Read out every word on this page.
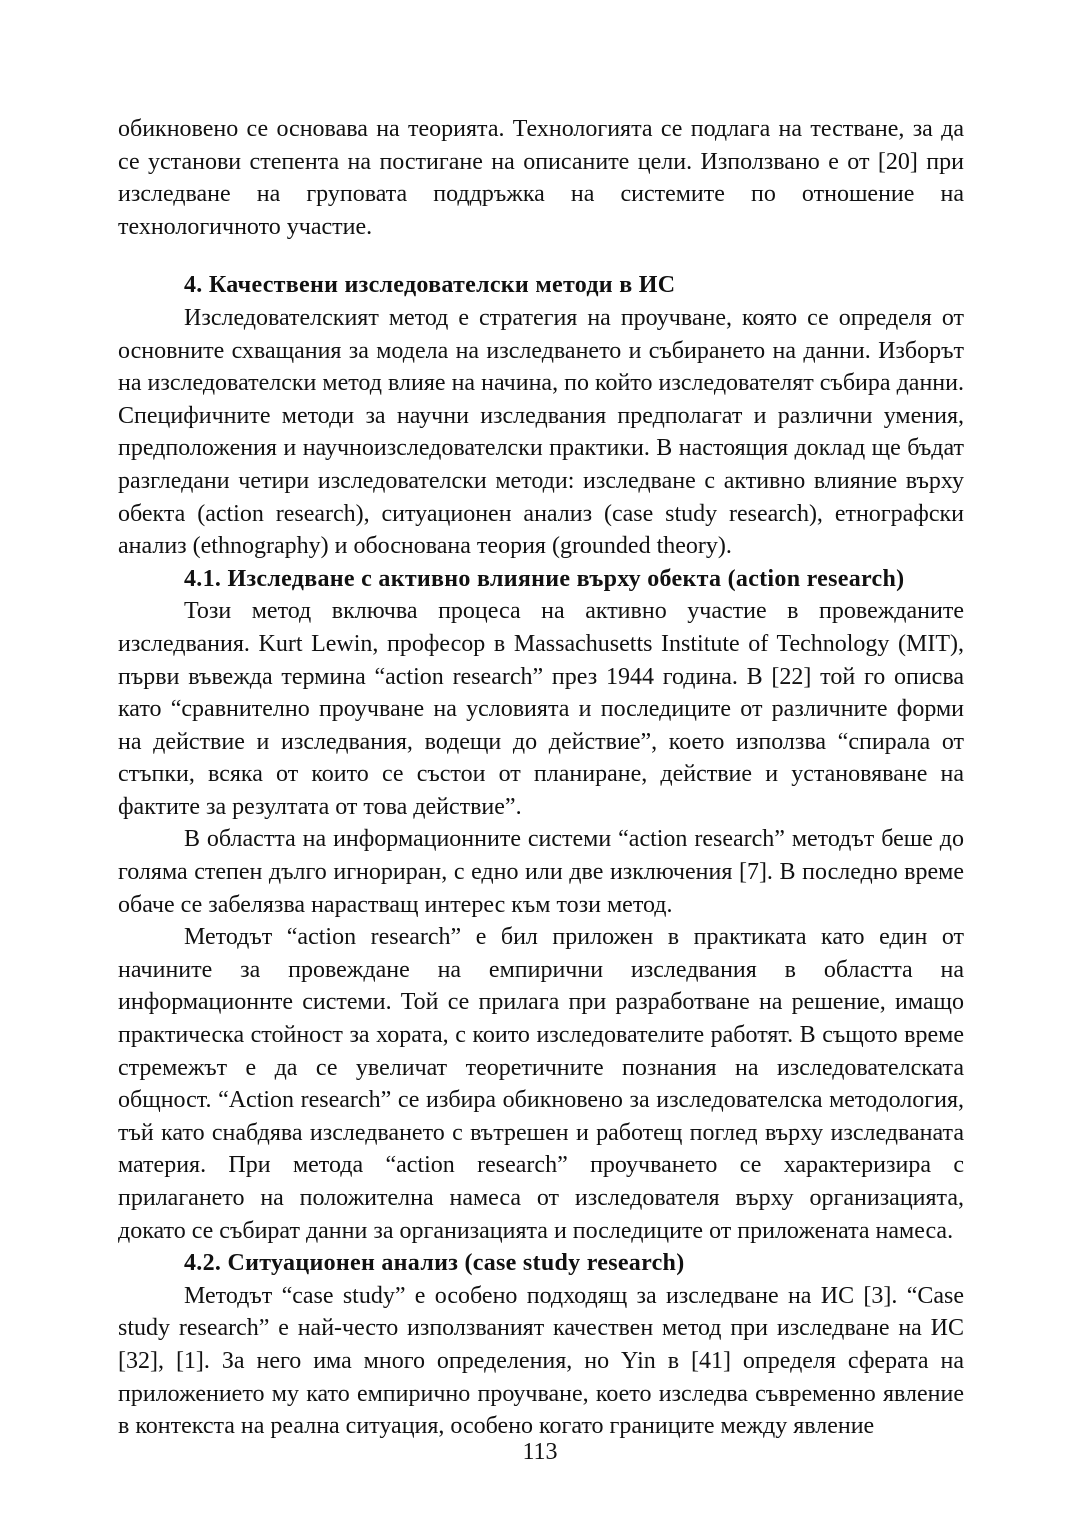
обикновено се основава на теорията. Технологията се подлага на тестване, за да се установи степента на постигане на описаните цели. Използвано е от [20] при изследване на груповата поддръжка на системите по отношение на технологичното участие.

4. Качествени изследователски методи в ИС

Изследователският метод е стратегия на проучване, която се определя от основните схващания за модела на изследването и събирането на данни. Изборът на изследователски метод влияе на начина, по който изследователят събира данни. Специфичните методи за научни изследвания предполагат и различни умения, предположения и научноизследователски практики. В настоящия доклад ще бъдат разгледани четири изследователски методи: изследване с активно влияние върху обекта (action research), ситуационен анализ (case study research), етнографски анализ (ethnography) и обоснована теория (grounded theory).

4.1. Изследване с активно влияние върху обекта (action research)

Този метод включва процеса на активно участие в провежданите изследвания. Kurt Lewin, професор в Massachusetts Institute of Technology (MIT), първи въвежда термина “action research” през 1944 година. В [22] той го описва като “сравнително проучване на условията и последиците от различните форми на действие и изследвания, водещи до действие”, което използва “спирала от стъпки, всяка от които се състои от планиране, действие и установяване на фактите за резултата от това действие”.

В областта на информационните системи “action research” методът беше до голяма степен дълго игнориран, с едно или две изключения [7]. В последно време обаче се забелязва нарастващ интерес към този метод.

Методът “action research” е бил приложен в практиката като един от начините за провеждане на емпирични изследвания в областта на информационнте системи. Той се прилага при разработване на решение, имащо практическа стойност за хората, с които изследователите работят. В същото време стремежът е да се увеличат теоретичните познания на изследователската общност. “Action research” се избира обикновено за изследователска методология, тъй като снабдява изследването с вътрешен и работещ поглед върху изследваната материя. При метода “action research” проучването се характеризира с прилагането на положителна намеса от изследователя върху организацията, докато се събират данни за организацията и последиците от приложената намеса.

4.2. Ситуационен анализ (case study research)

Методът “case study” е особено подходящ за изследване на ИС [3]. “Case study research” е най-често използваният качествен метод при изследване на ИС [32], [1]. За него има много определения, но Yin в [41] определя сферата на приложението му като емпирично проучване, което изследва съвременно явление в контекста на реална ситуация, особено когато границите между явление

113
